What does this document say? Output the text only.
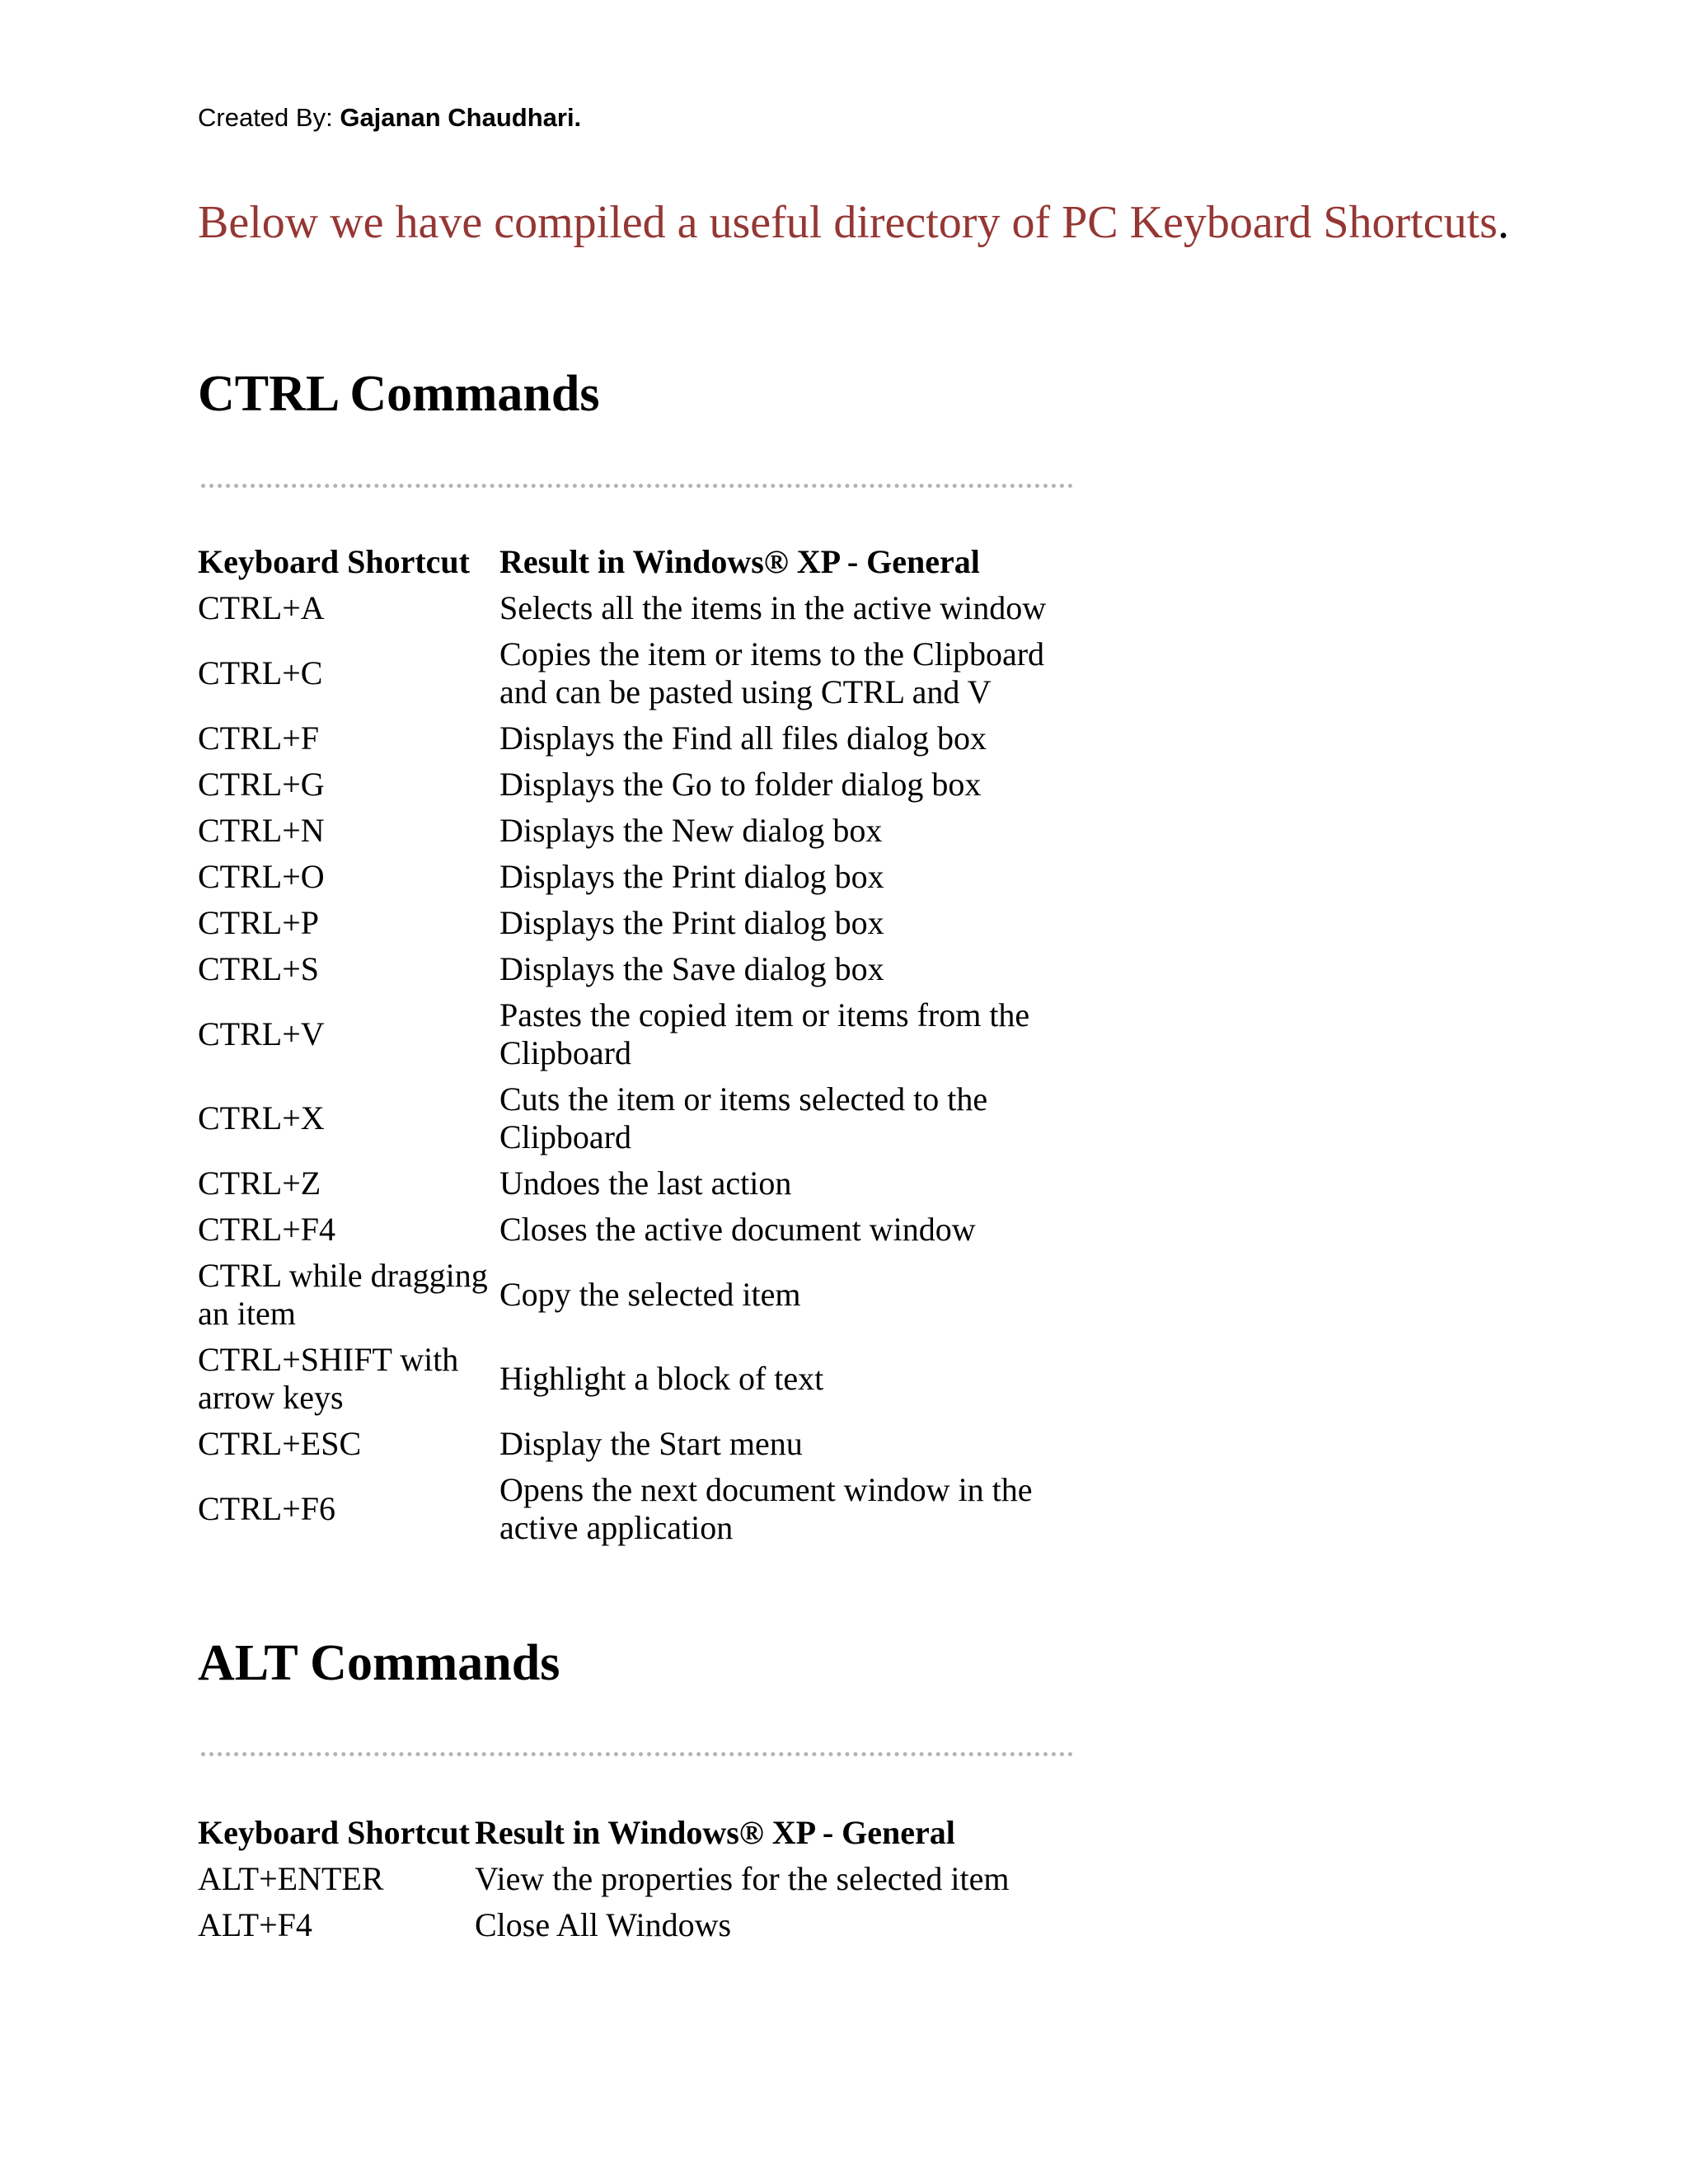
Created By: Gajanan Chaudhari.
Below we have compiled a useful directory of PC Keyboard Shortcuts.
CTRL Commands
Keyboard Shortcut	Result in Windows® XP - General
CTRL+A	Selects all the items in the active window
CTRL+C	Copies the item or items to the Clipboard and can be pasted using CTRL and V
CTRL+F	Displays the Find all files dialog box
CTRL+G	Displays the Go to folder dialog box
CTRL+N	Displays the New dialog box
CTRL+O	Displays the Print dialog box
CTRL+P	Displays the Print dialog box
CTRL+S	Displays the Save dialog box
CTRL+V	Pastes the copied item or items from the Clipboard
CTRL+X	Cuts the item or items selected to the Clipboard
CTRL+Z	Undoes the last action
CTRL+F4	Closes the active document window
CTRL while dragging an item	Copy the selected item
CTRL+SHIFT with arrow keys	Highlight a block of text
CTRL+ESC	Display the Start menu
CTRL+F6	Opens the next document window in the active application
ALT Commands
Keyboard Shortcut	Result in Windows® XP - General
ALT+ENTER	View the properties for the selected item
ALT+F4	Close All Windows
